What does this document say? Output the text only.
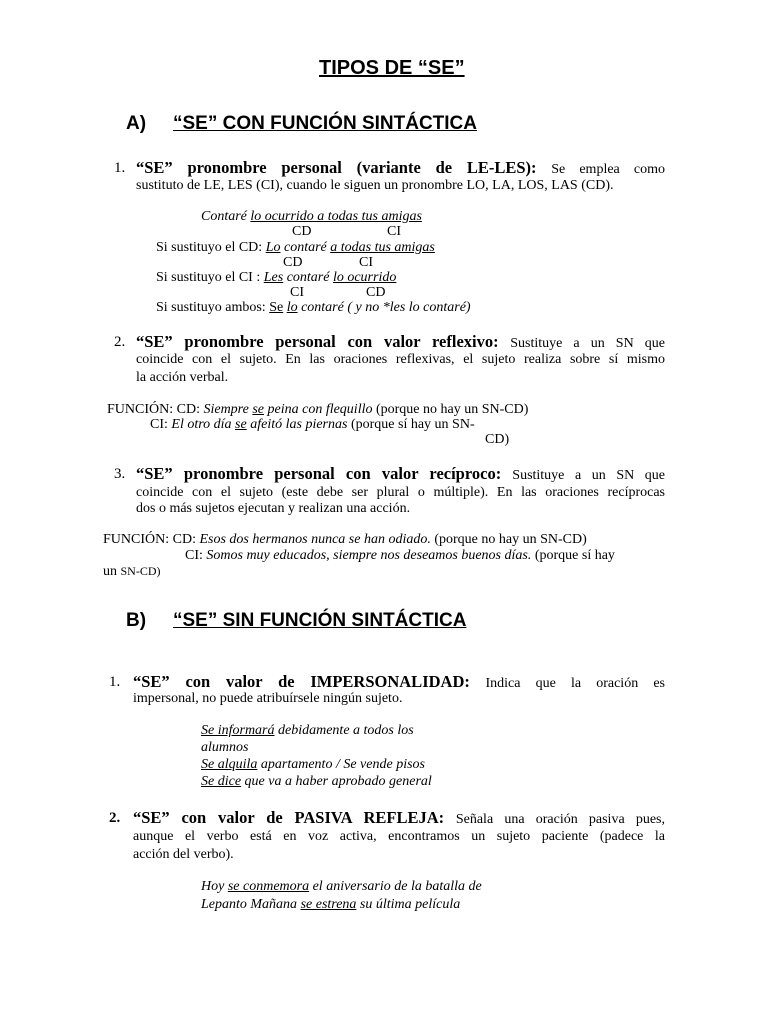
TIPOS DE “SE”
A) “SE” CON FUNCIÓN SINTÁCTICA
1. “SE” pronombre personal (variante de LE-LES): Se emplea como
sustituto de LE, LES (CI), cuando le siguen un pronombre LO, LA, LOS, LAS (CD).
Contaré lo ocurrido a todas tus amigas
CD	CI
Si sustituyo el CD: Lo contaré a todas tus amigas
CD	CI
Si sustituyo el CI : Les contaré lo ocurrido
CI	CD
Si sustituyo ambos: Se lo contaré ( y no *les lo contaré)
2. “SE” pronombre personal con valor reflexivo: Sustituye a un SN que
coincide con el sujeto. En las oraciones reflexivas, el sujeto realiza sobre sí mismo
la acción verbal.
FUNCIÓN: CD: Siempre se peina con flequillo (porque no hay un SN-CD)
CI: El otro día se afeitó las piernas (porque sí hay un SN-
CD)
3. “SE” pronombre personal con valor recíproco: Sustituye a un SN que
coincide con el sujeto (este debe ser plural o múltiple). En las oraciones recíprocas
dos o más sujetos ejecutan y realizan una acción.
FUNCIÓN: CD: Esos dos hermanos nunca se han odiado. (porque no hay un SN-CD)
CI: Somos muy educados, siempre nos deseamos buenos días. (porque sí hay
un SN-CD)
B) “SE” SIN FUNCIÓN SINTÁCTICA
1. “SE” con valor de IMPERSONALIDAD: Indica que la oración es
impersonal, no puede atribuírsele ningún sujeto.
Se informará debidamente a todos los
alumnos
Se alquila apartamento / Se vende pisos
Se dice que va a haber aprobado general
2. “SE” con valor de PASIVA REFLEJA: Señala una oración pasiva pues,
aunque el verbo está en voz activa, encontramos un sujeto paciente (padece la
acción del verbo).
Hoy se conmemora el aniversario de la batalla de
Lepanto Mañana se estrena su última película
